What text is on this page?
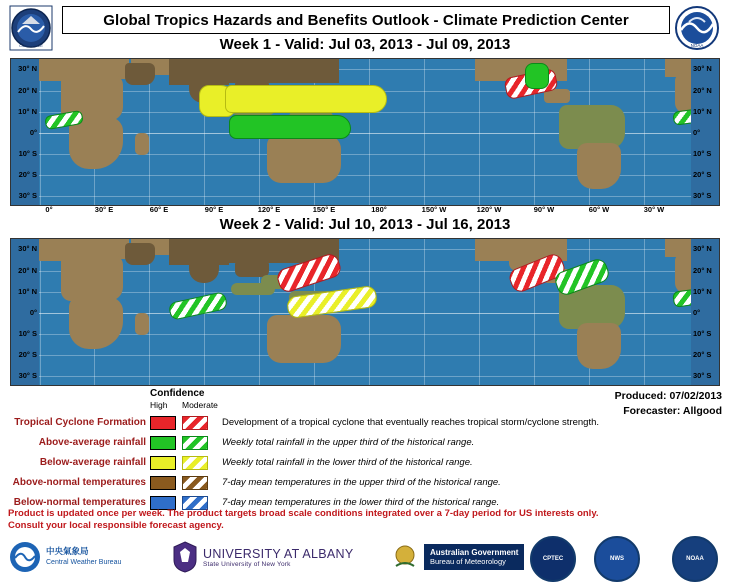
COMMERCE
Global Tropics Hazards and Benefits Outlook - Climate Prediction Center
NOAA
Week 1 - Valid: Jul 03, 2013 - Jul 09, 2013
30° N
20° N
10° N
0°
10° S
20° S
30° S
30° N
20° N
10° N
0°
10° S
20° S
30° S
0°	30° E	60° E	90° E	120° E	150° E	180°	150° W	120° W	90° W	60° W	30° W
Week 2 - Valid: Jul 10, 2013 - Jul 16, 2013
30° N
20° N
10° N
0°
10° S
20° S
30° S
30° N
20° N
10° N
0°
10° S
20° S
30° S
Produced: 07/02/2013
Forecaster: Allgood
Confidence
High Moderate
Tropical Cyclone Formation	Development of a tropical cyclone that eventually reaches tropical storm/cyclone strength.
Above-average rainfall	Weekly total rainfall in the upper third of the historical range.
Below-average rainfall	Weekly total rainfall in the lower third of the historical range.
Above-normal temperatures	7-day mean temperatures in the upper third of the historical range.
Below-normal temperatures	7-day mean temperatures in the lower third of the historical range.
Product is updated once per week. The product targets broad scale conditions integrated over a 7-day period for US interests only.
Consult your local responsible forecast agency.
中央氣象局
Central Weather Bureau
UNIVERSITY AT ALBANY
State University of New York
Australian Government
Bureau of Meteorology	CPTEC	NWS	NOAA
